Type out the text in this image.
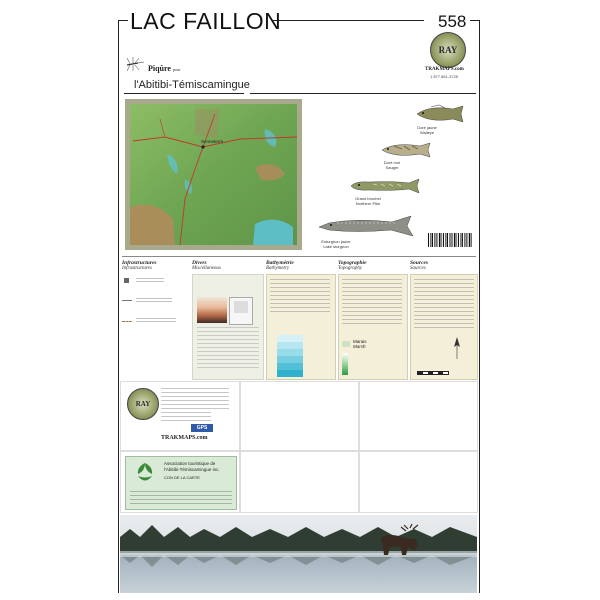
LAC FAILLON	558
RAY
TRAKMAPS.com
1 877 861-3725
Piqûre pour
l'Abitibi-Témiscamingue
Senneterre
Doré jaune
Walleye
Doré noir
Sauger
Grand brochet
Northern Pike
Esturgeon jaune
Lake sturgeon
Infrastructures
Infrastructures
Divers
Miscellaneous
Bathymétrie
Bathymetry
Topographie
Topography
Marais
Marsh
Sources
Sources
RAY
GPS
TRAKMAPS.com
Association touristique de l'Abitibi-Témiscamingue inc.
CON DE LA CARTE
